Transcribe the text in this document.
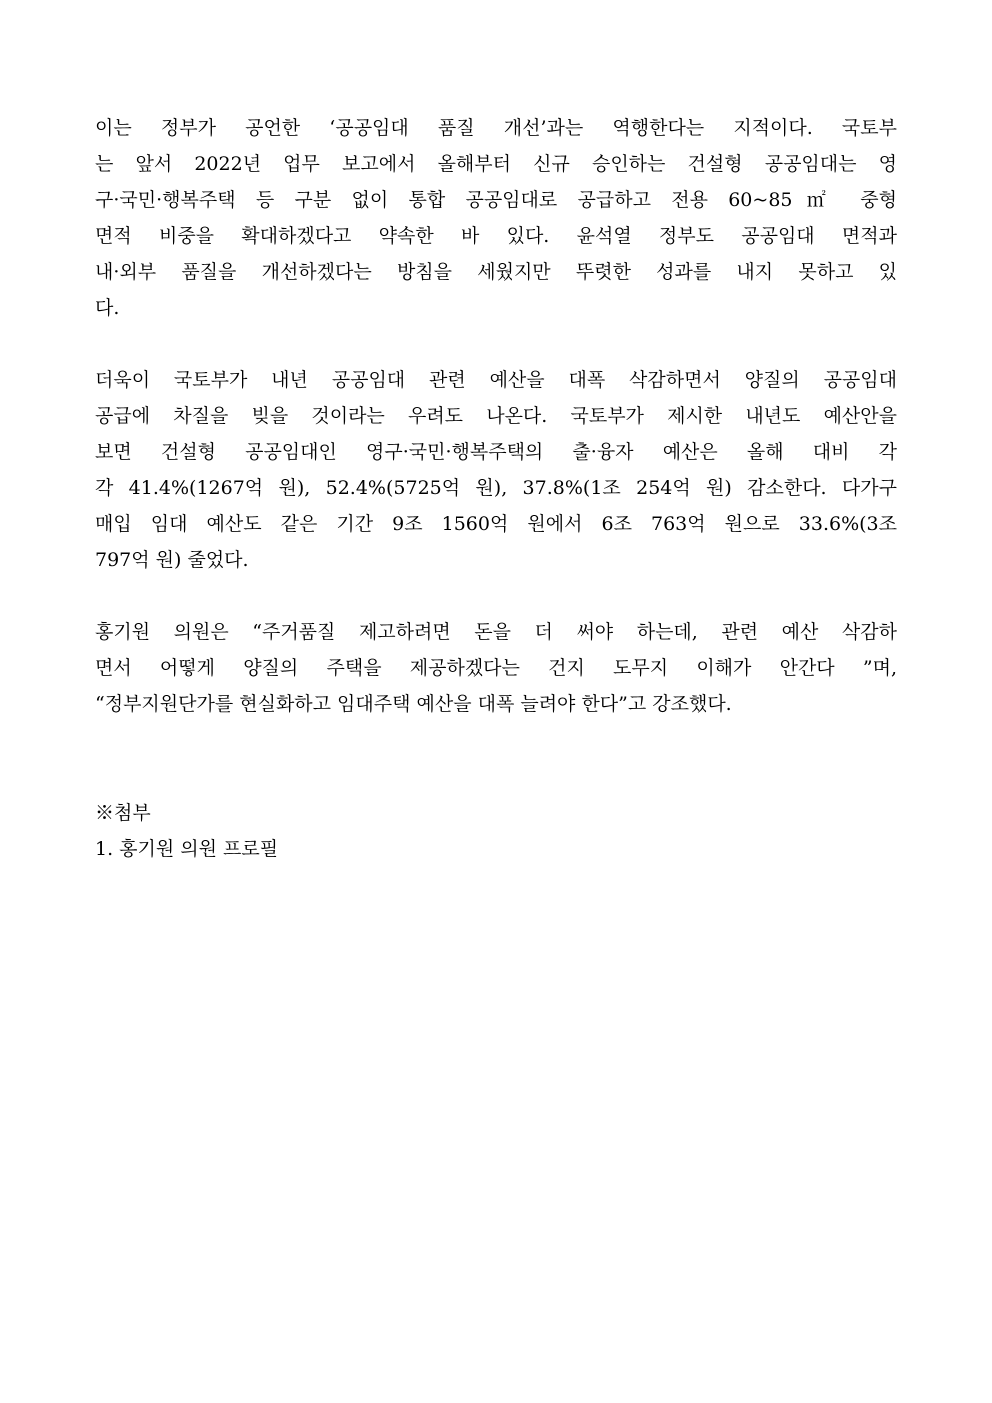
이는 정부가 공언한 ‘공공임대 품질 개선’과는 역행한다는 지적이다. 국토부
는 앞서 2022년 업무 보고에서 올해부터 신규 승인하는 건설형 공공임대는 영
구·국민·행복주택 등 구분 없이 통합 공공임대로 공급하고 전용 60~85㎡ 중형
면적 비중을 확대하겠다고 약속한 바 있다. 윤석열 정부도 공공임대 면적과
내·외부 품질을 개선하겠다는 방침을 세웠지만 뚜렷한 성과를 내지 못하고 있
다.
더욱이 국토부가 내년 공공임대 관련 예산을 대폭 삭감하면서 양질의 공공임대
공급에 차질을 빚을 것이라는 우려도 나온다. 국토부가 제시한 내년도 예산안을
보면 건설형 공공임대인 영구·국민·행복주택의 출·융자 예산은 올해 대비 각
각 41.4%(1267억 원), 52.4%(5725억 원), 37.8%(1조 254억 원) 감소한다. 다가구
매입 임대 예산도 같은 기간 9조 1560억 원에서 6조 763억 원으로 33.6%(3조
797억 원) 줄었다.
홍기원 의원은 “주거품질 제고하려면 돈을 더 써야 하는데, 관련 예산 삭감하
면서 어떻게 양질의 주택을 제공하겠다는 건지 도무지 이해가 안간다 ”며,
“정부지원단가를 현실화하고 임대주택 예산을 대폭 늘려야 한다”고 강조했다.
※첨부
1. 홍기원 의원 프로필
